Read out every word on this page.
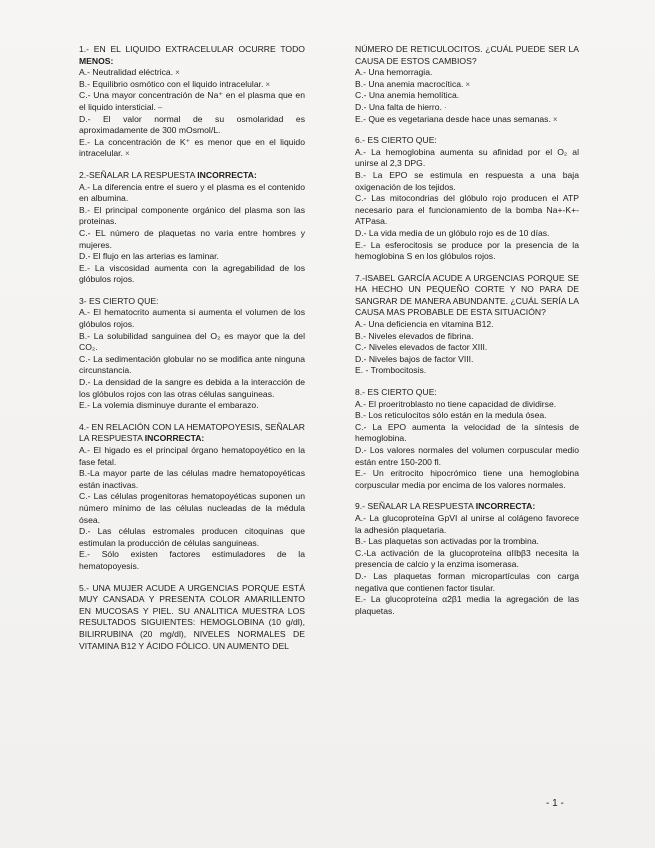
1.- EN EL LIQUIDO EXTRACELULAR OCURRE TODO MENOS:
A.- Neutralidad eléctrica. ×
B.- Equilibrio osmótico con el liquido intracelular. ×
C.- Una mayor concentración de Na⁺ en el plasma que en el liquido intersticial. –
D.- El valor normal de su osmolaridad es aproximadamente de 300 mOsmol/L.
E.- La concentración de K⁺ es menor que en el liquido intracelular. ×
2.-SEÑALAR LA RESPUESTA INCORRECTA:
A.- La diferencia entre el suero y el plasma es el contenido en albumina.
B.- El principal componente orgánico del plasma son las proteinas.
C.- EL número de plaquetas no varia entre hombres y mujeres.
D.- El flujo en las arterias es laminar.
E.- La viscosidad aumenta con la agregabilidad de los glóbulos rojos.
3- ES CIERTO QUE:
A.- El hematocrito aumenta si aumenta el volumen de los glóbulos rojos.
B.- La solubilidad sanguinea del O₂ es mayor que la del CO₂.
C.- La sedimentación globular no se modifica ante ninguna circunstancia.
D.- La densidad de la sangre es debida a la interacción de los glóbulos rojos con las otras células sanguineas.
E.- La volemia disminuye durante el embarazo.
4.- EN RELACIÓN CON LA HEMATOPOYESIS, SEÑALAR LA RESPUESTA INCORRECTA:
A.- El higado es el principal órgano hematopoyético en la fase fetal.
B.-La mayor parte de las células madre hematopoyéticas están inactivas.
C.- Las células progenitoras hematopoyéticas suponen un número mínimo de las células nucleadas de la médula ósea.
D.- Las células estromales producen citoquinas que estimulan la producción de células sanguineas.
E.- Sólo existen factores estimuladores de la hematopoyesis.
5.- UNA MUJER ACUDE A URGENCIAS PORQUE ESTÁ MUY CANSADA Y PRESENTA COLOR AMARILLENTO EN MUCOSAS Y PIEL. SU ANALITICA MUESTRA LOS RESULTADOS SIGUIENTES: HEMOGLOBINA (10 g/dl), BILIRRUBINA (20 mg/dl), NIVELES NORMALES DE VITAMINA B12 Y ÁCIDO FÓLICO. UN AUMENTO DEL
NÚMERO DE RETICULOCITOS. ¿CUÁL PUEDE SER LA CAUSA DE ESTOS CAMBIOS?
A.- Una hemorragia.
B.- Una anemia macrocítica. ×
C.- Una anemia hemolítica.
D.- Una falta de hierro. ·
E.- Que es vegetariana desde hace unas semanas. ×
6.- ES CIERTO QUE:
A.- La hemoglobina aumenta su afinidad por el O₂ al unirse al 2,3 DPG.
B.- La EPO se estimula en respuesta a una baja oxigenación de los tejidos.
C.- Las mitocondrias del glóbulo rojo producen el ATP necesario para el funcionamiento de la bomba Na+-K+-ATPasa.
D.- La vida media de un glóbulo rojo es de 10 días.
E.- La esferocitosis se produce por la presencia de la hemoglobina S en los glóbulos rojos.
7.-ISABEL GARCÍA ACUDE A URGENCIAS PORQUE SE HA HECHO UN PEQUEÑO CORTE Y NO PARA DE SANGRAR DE MANERA ABUNDANTE. ¿CUÁL SERÍA LA CAUSA MAS PROBABLE DE ESTA SITUACIÓN?
A.- Una deficiencia en vitamina B12.
B.- Niveles elevados de fibrina.
C.- Niveles elevados de factor XIII.
D.- Niveles bajos de factor VIII.
E. - Trombocitosis.
8.- ES CIERTO QUE:
A.- El proeritroblasto no tiene capacidad de dividirse.
B.- Los reticulocitos sólo están en la medula ósea.
C.- La EPO aumenta la velocidad de la síntesis de hemoglobina.
D.- Los valores normales del volumen corpuscular medio están entre 150-200 fl.
E.- Un eritrocito hipocrómico tiene una hemoglobina corpuscular media por encima de los valores normales.
9.- SEÑALAR LA RESPUESTA INCORRECTA:
A.- La glucoproteína GpVI al unirse al colágeno favorece la adhesión plaquetaria.
B.- Las plaquetas son activadas por la trombina.
C.-La activación de la glucoproteína αIIbβ3 necesita la presencia de calcio y la enzima isomerasa.
D.- Las plaquetas forman micropartículas con carga negativa que contienen factor tisular.
E.- La glucoproteína α2β1 media la agregación de las plaquetas.
- 1 -
